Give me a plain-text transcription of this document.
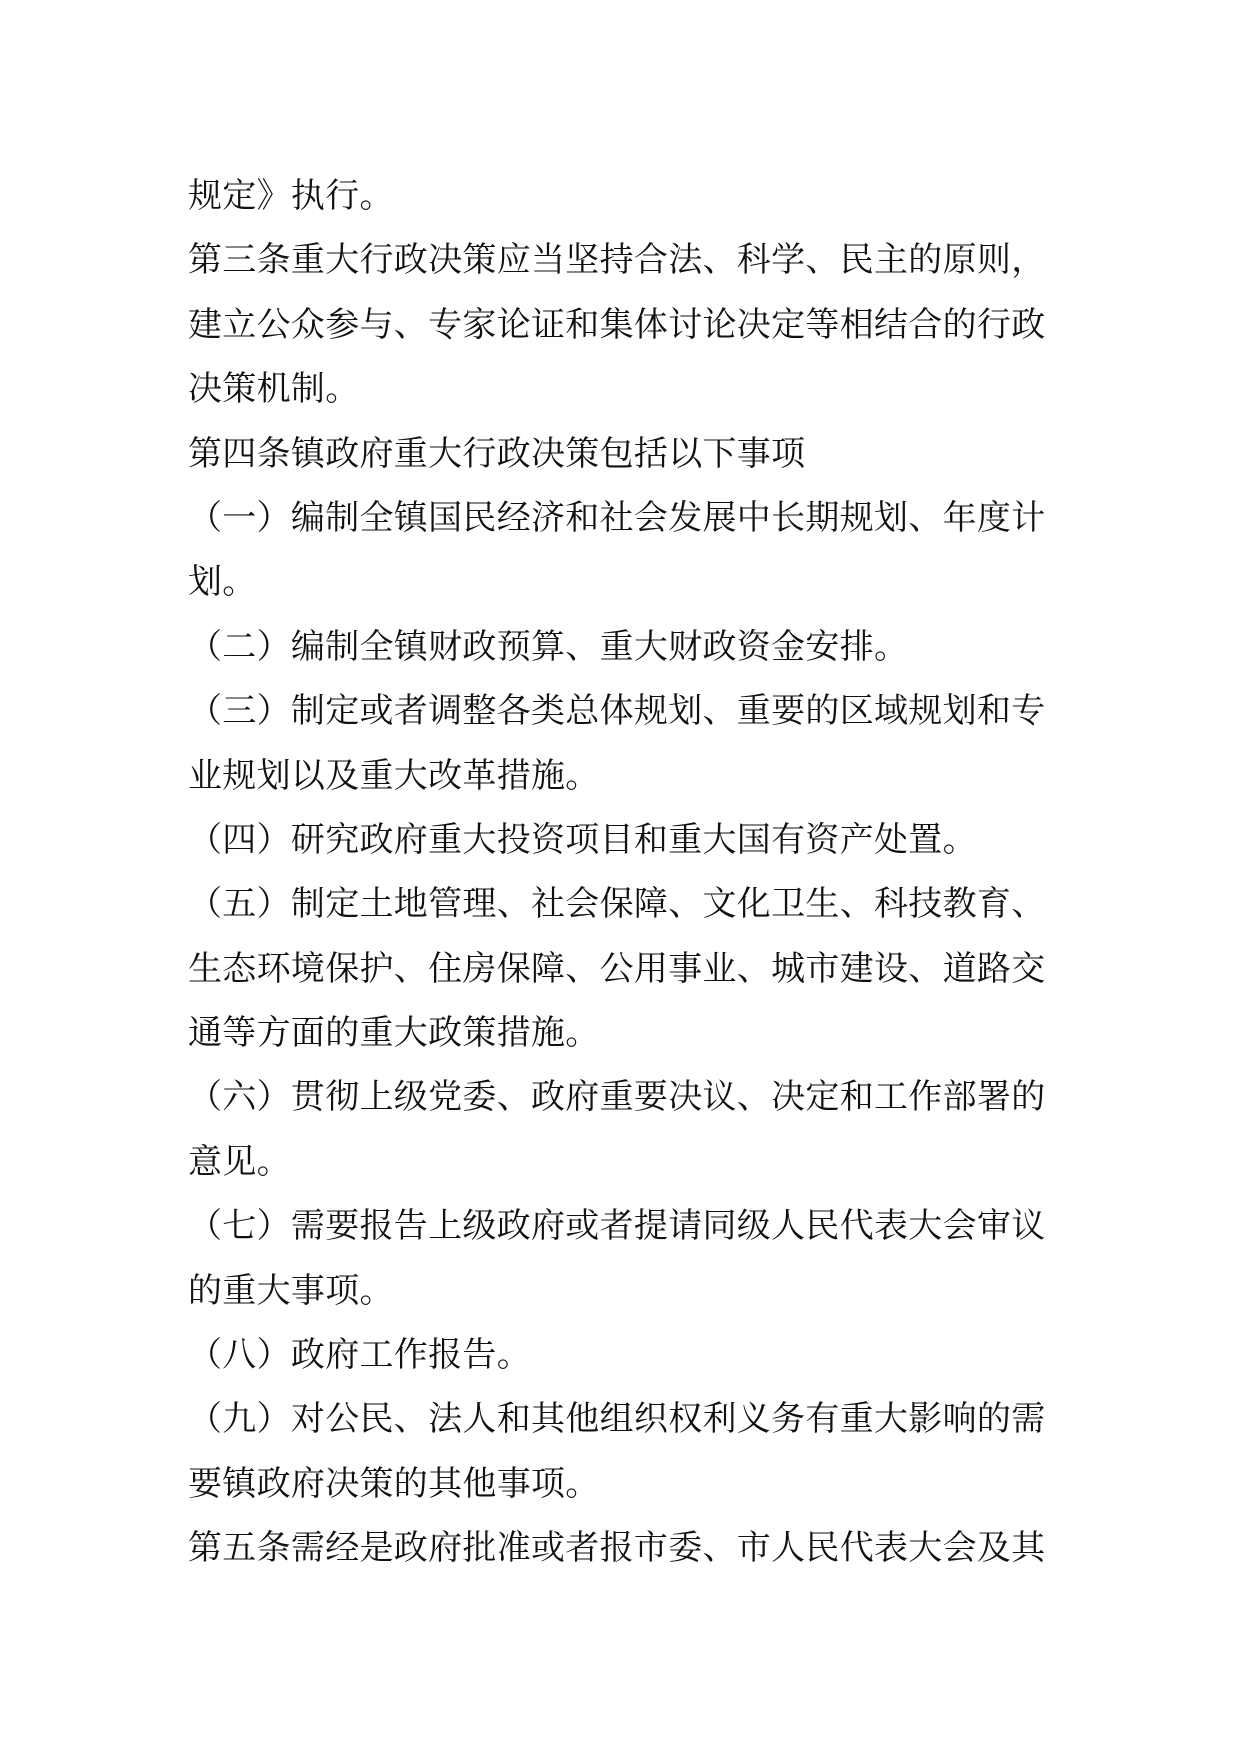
规定》执行。
第三条重大行政决策应当坚持合法、科学、民主的原则，
建立公众参与、专家论证和集体讨论决定等相结合的行政
决策机制。
第四条镇政府重大行政决策包括以下事项
（一）编制全镇国民经济和社会发展中长期规划、年度计
划。
（二）编制全镇财政预算、重大财政资金安排。
（三）制定或者调整各类总体规划、重要的区域规划和专
业规划以及重大改革措施。
（四）研究政府重大投资项目和重大国有资产处置。
（五）制定土地管理、社会保障、文化卫生、科技教育、
生态环境保护、住房保障、公用事业、城市建设、道路交
通等方面的重大政策措施。
（六）贯彻上级党委、政府重要决议、决定和工作部署的
意见。
（七）需要报告上级政府或者提请同级人民代表大会审议
的重大事项。
（八）政府工作报告。
（九）对公民、法人和其他组织权利义务有重大影响的需
要镇政府决策的其他事项。
第五条需经是政府批准或者报市委、市人民代表大会及其
